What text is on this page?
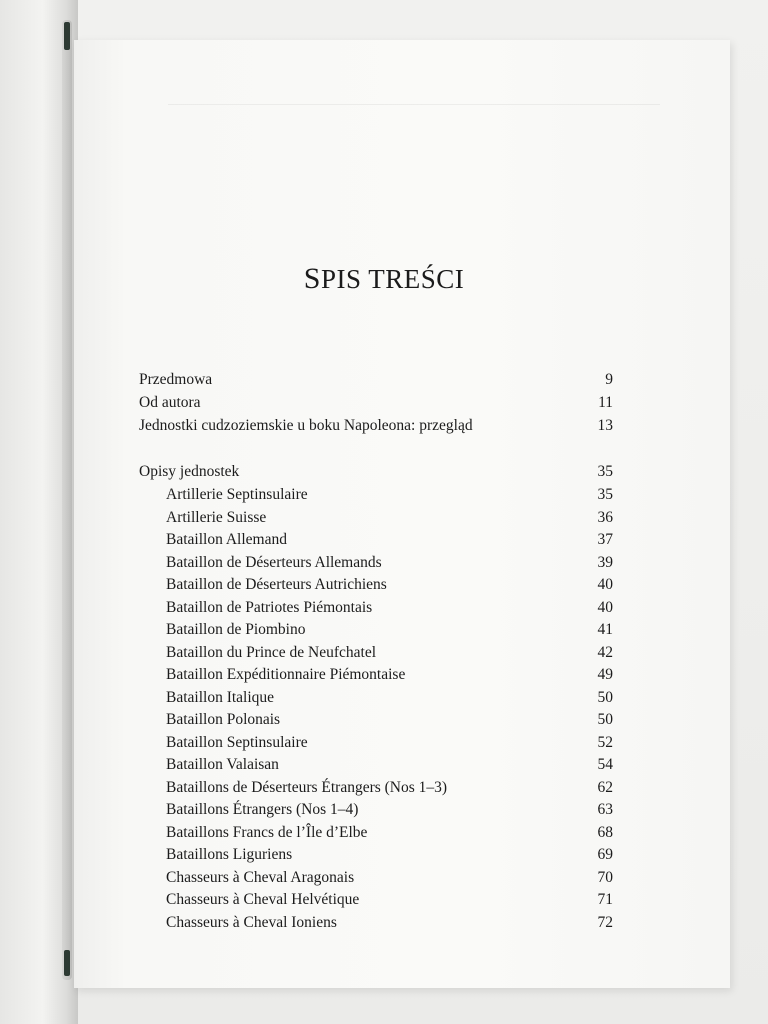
SPIS TREŚCI
Przedmowa	9
Od autora	11
Jednostki cudzoziemskie u boku Napoleona: przegląd	13
Opisy jednostek	35
Artillerie Septinsulaire	35
Artillerie Suisse	36
Bataillon Allemand	37
Bataillon de Déserteurs Allemands	39
Bataillon de Déserteurs Autrichiens	40
Bataillon de Patriotes Piémontais	40
Bataillon de Piombino	41
Bataillon du Prince de Neufchatel	42
Bataillon Expéditionnaire Piémontaise	49
Bataillon Italique	50
Bataillon Polonais	50
Bataillon Septinsulaire	52
Bataillon Valaisan	54
Bataillons de Déserteurs Étrangers (Nos 1–3)	62
Bataillons Étrangers (Nos 1–4)	63
Bataillons Francs de l’Île d’Elbe	68
Bataillons Liguriens	69
Chasseurs à Cheval Aragonais	70
Chasseurs à Cheval Helvétique	71
Chasseurs à Cheval Ioniens	72
